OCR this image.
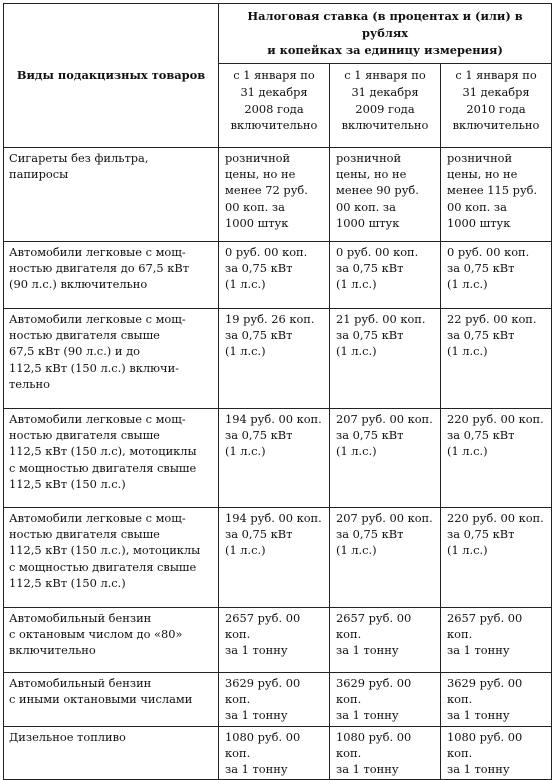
Виды подакцизных товаров	Налоговая ставка (в процентах и (или) в рублях
и копейках за единицу измерения)		
	с 1 января по
31 декабря
2008 года
включительно	с 1 января по
31 декабря
2009 года
включительно	с 1 января по
31 декабря
2010 года
включительно
Сигареты без фильтра,
папиросы	розничной
цены, но не
менее 72 руб.
00 коп. за
1000 штук	розничной
цены, но не
менее 90 руб.
00 коп. за
1000 штук	розничной
цены, но не
менее 115 руб.
00 коп. за
1000 штук
Автомобили легковые с мощ-
ностью двигателя до 67,5 кВт
(90 л.с.) включительно	0 руб. 00 коп.
за 0,75 кВт
(1 л.с.)	0 руб. 00 коп.
за 0,75 кВт
(1 л.с.)	0 руб. 00 коп.
за 0,75 кВт
(1 л.с.)
Автомобили легковые с мощ-
ностью двигателя свыше
67,5 кВт (90 л.с.) и до
112,5 кВт (150 л.с.) включи-
тельно	19 руб. 26 коп.
за 0,75 кВт
(1 л.с.)	21 руб. 00 коп.
за 0,75 кВт
(1 л.с.)	22 руб. 00 коп.
за 0,75 кВт
(1 л.с.)
Автомобили легковые с мощ-
ностью двигателя свыше
112,5 кВт (150 л.с), мотоциклы
с мощностью двигателя свыше
112,5 кВт (150 л.с.)	194 руб. 00 коп.
за 0,75 кВт
(1 л.с.)	207 руб. 00 коп.
за 0,75 кВт
(1 л.с.)	220 руб. 00 коп.
за 0,75 кВт
(1 л.с.)
Автомобили легковые с мощ-
ностью двигателя свыше
112,5 кВт (150 л.с.), мотоциклы
с мощностью двигателя свыше
112,5 кВт (150 л.с.)	194 руб. 00 коп.
за 0,75 кВт
(1 л.с.)	207 руб. 00 коп.
за 0,75 кВт
(1 л.с.)	220 руб. 00 коп.
за 0,75 кВт
(1 л.с.)
Автомобильный бензин
с октановым числом до «80»
включительно	2657 руб. 00 коп.
за 1 тонну	2657 руб. 00 коп.
за 1 тонну	2657 руб. 00 коп.
за 1 тонну
Автомобильный бензин
с иными октановыми числами	3629 руб. 00 коп.
за 1 тонну	3629 руб. 00 коп.
за 1 тонну	3629 руб. 00 коп.
за 1 тонну
Дизельное топливо	1080 руб. 00 коп.
за 1 тонну	1080 руб. 00 коп.
за 1 тонну	1080 руб. 00 коп.
за 1 тонну
